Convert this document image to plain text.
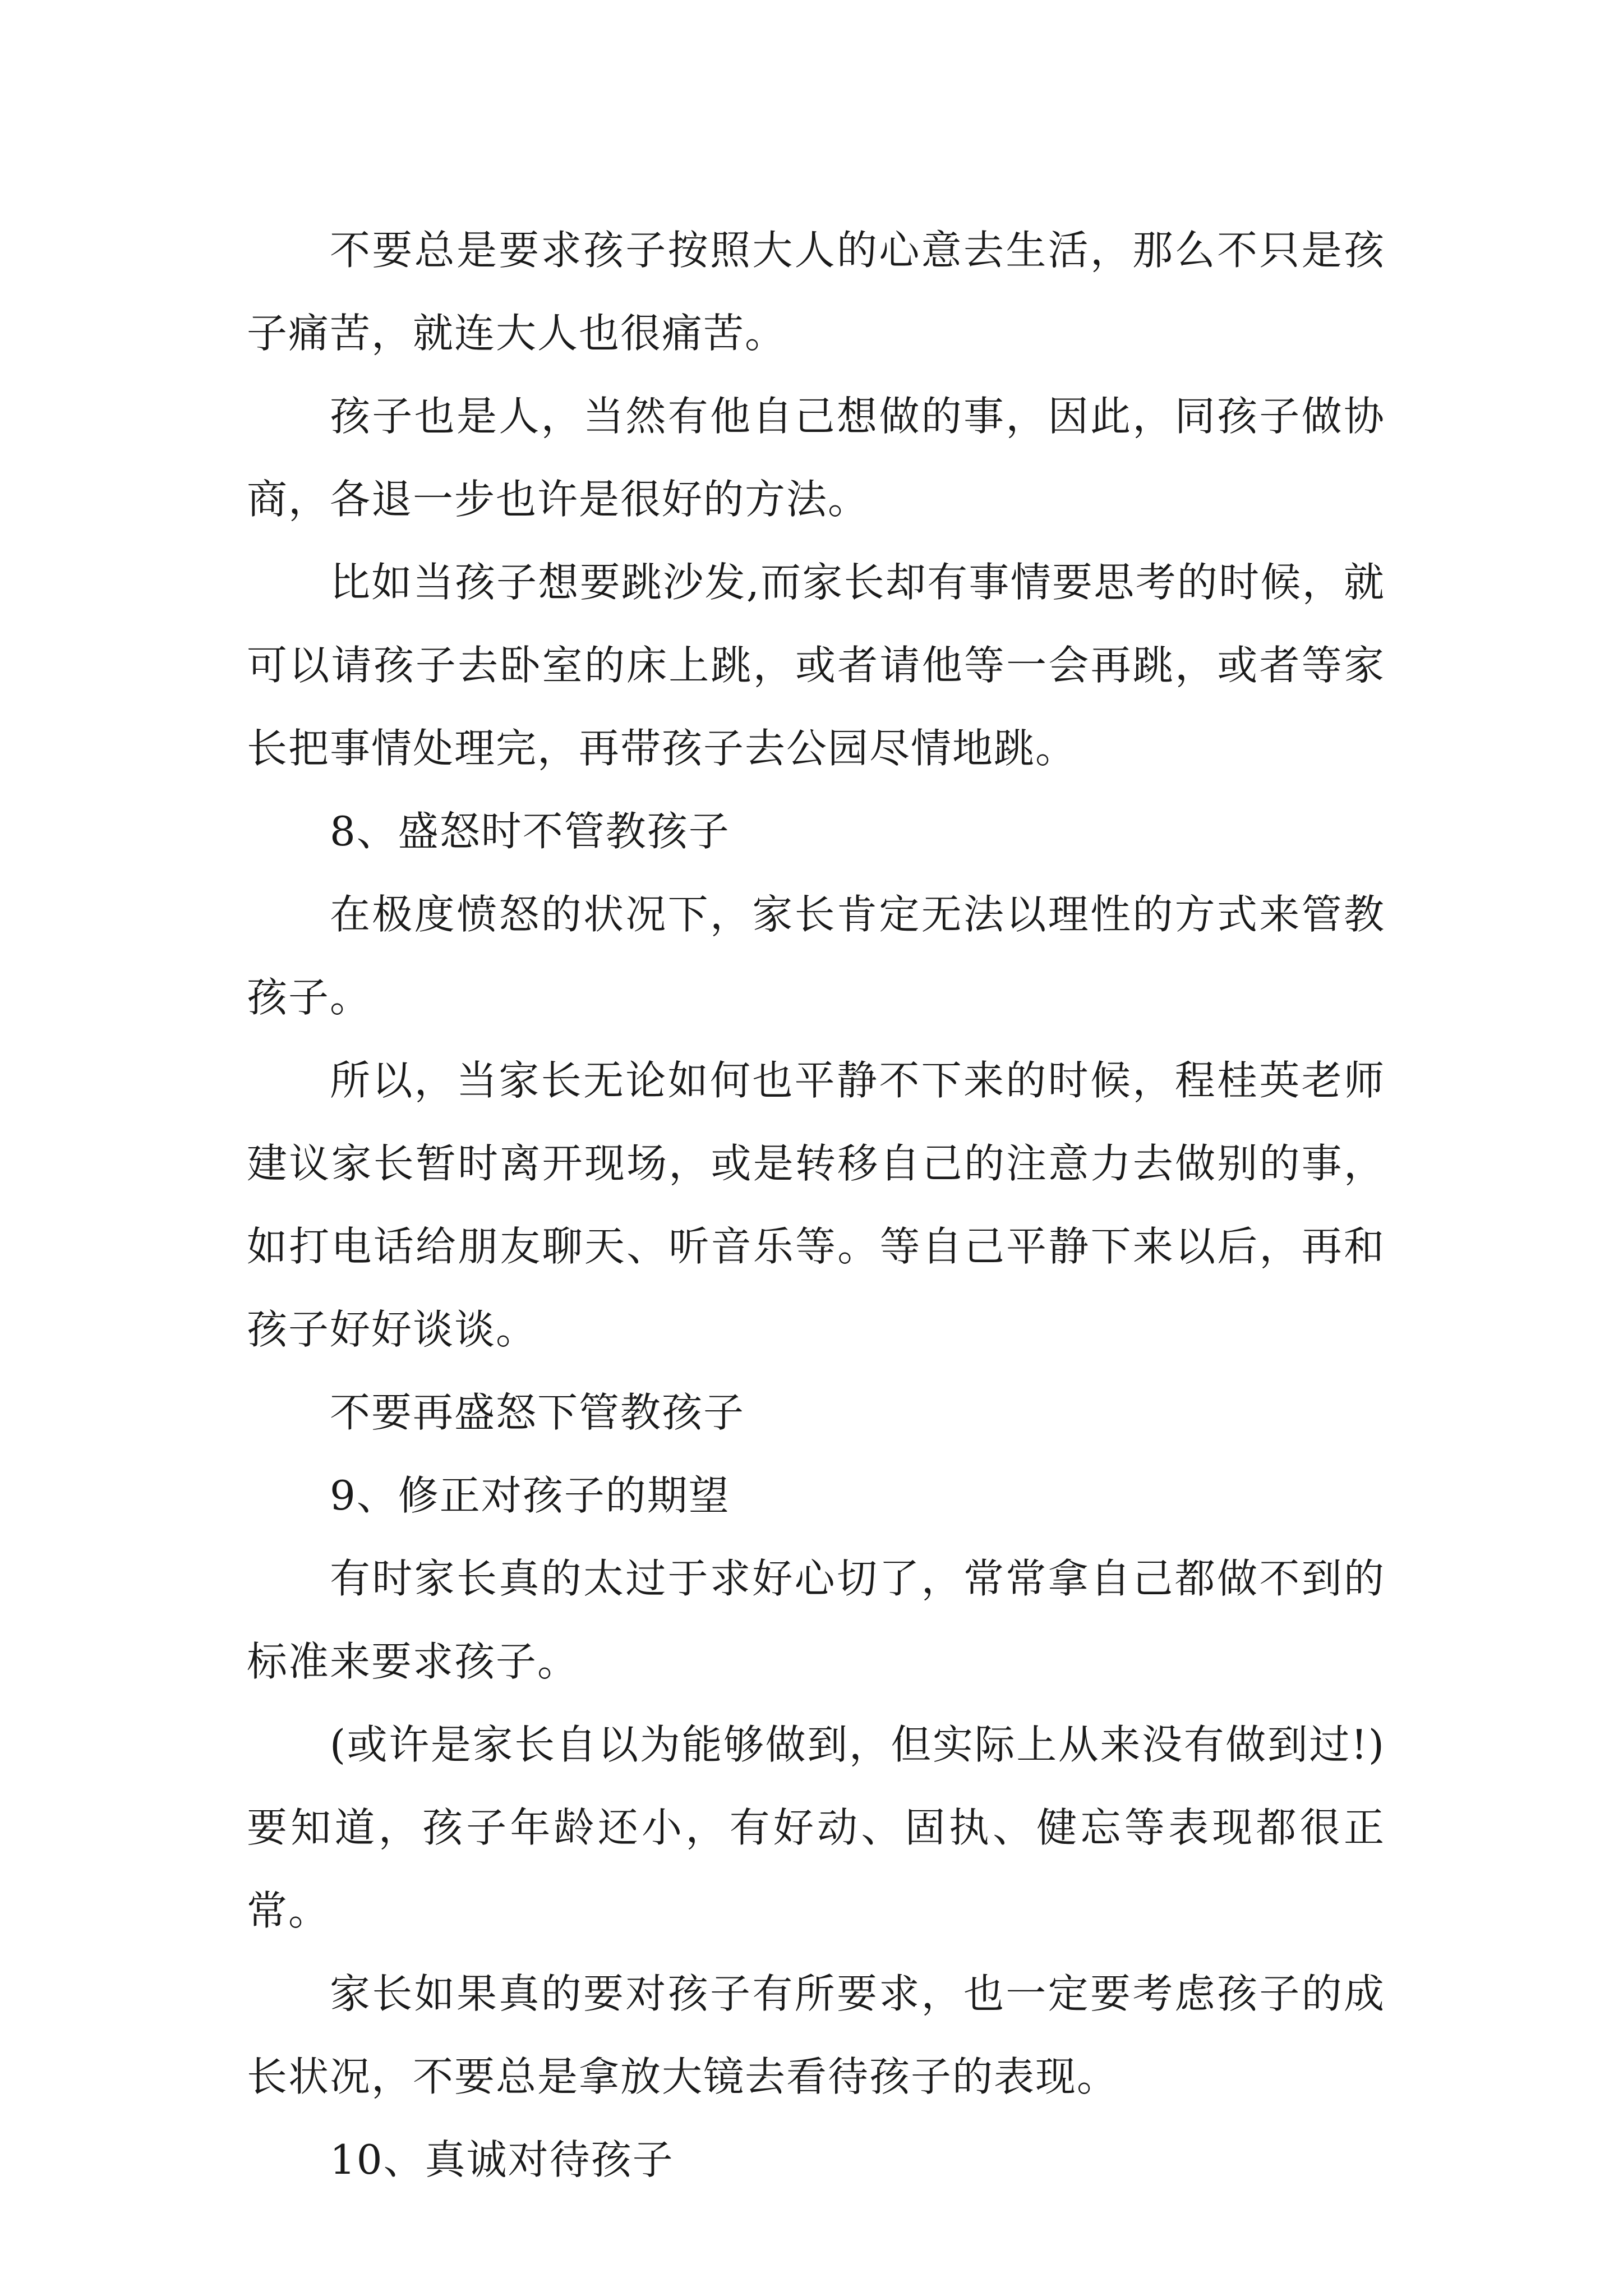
不要总是要求孩子按照大人的心意去生活，那么不只是孩子痛苦，就连大人也很痛苦。

孩子也是人，当然有他自己想做的事，因此，同孩子做协商，各退一步也许是很好的方法。

比如当孩子想要跳沙发,而家长却有事情要思考的时候，就可以请孩子去卧室的床上跳，或者请他等一会再跳，或者等家长把事情处理完，再带孩子去公园尽情地跳。

8、盛怒时不管教孩子

在极度愤怒的状况下，家长肯定无法以理性的方式来管教孩子。

所以，当家长无论如何也平静不下来的时候，程桂英老师建议家长暂时离开现场，或是转移自己的注意力去做别的事，如打电话给朋友聊天、听音乐等。等自己平静下来以后，再和孩子好好谈谈。

不要再盛怒下管教孩子

9、修正对孩子的期望

有时家长真的太过于求好心切了，常常拿自己都做不到的标准来要求孩子。

(或许是家长自以为能够做到，但实际上从来没有做到过!)要知道，孩子年龄还小，有好动、固执、健忘等表现都很正常。

家长如果真的要对孩子有所要求，也一定要考虑孩子的成长状况，不要总是拿放大镜去看待孩子的表现。

10、真诚对待孩子
